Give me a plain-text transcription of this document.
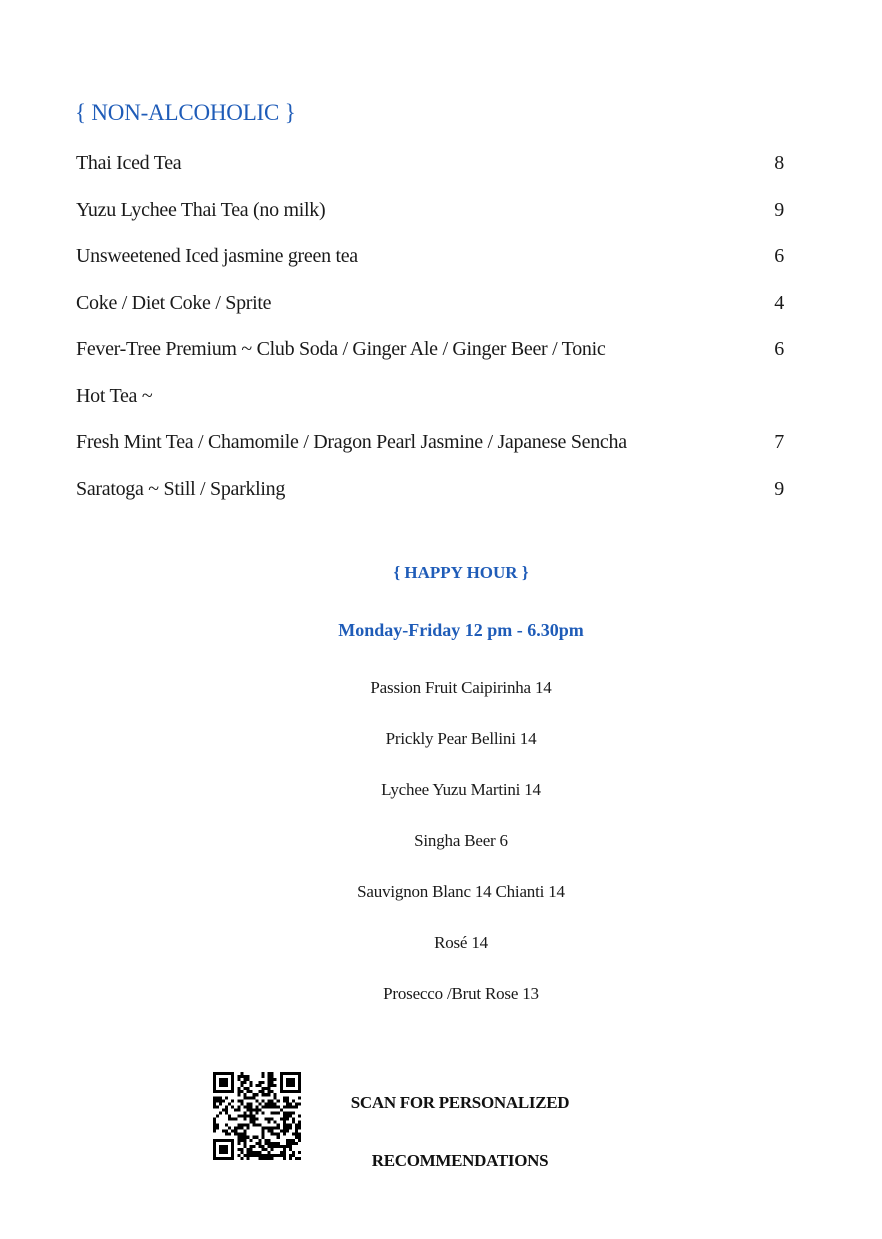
{ NON-ALCOHOLIC }
Thai Iced Tea	8
Yuzu Lychee Thai Tea (no milk)	9
Unsweetened Iced jasmine green tea	6
Coke / Diet Coke / Sprite	4
Fever-Tree Premium ~ Club Soda / Ginger Ale / Ginger Beer / Tonic	6
Hot Tea ~
Fresh Mint Tea / Chamomile / Dragon Pearl Jasmine / Japanese Sencha	7
Saratoga ~ Still / Sparkling	9
{ HAPPY HOUR }
Monday-Friday 12 pm - 6.30pm
Passion Fruit Caipirinha 14
Prickly Pear Bellini 14
Lychee Yuzu Martini 14
Singha Beer 6
Sauvignon Blanc 14 Chianti 14
Rosé 14
Prosecco /Brut Rose 13
SCAN FOR PERSONALIZED
RECOMMENDATIONS
